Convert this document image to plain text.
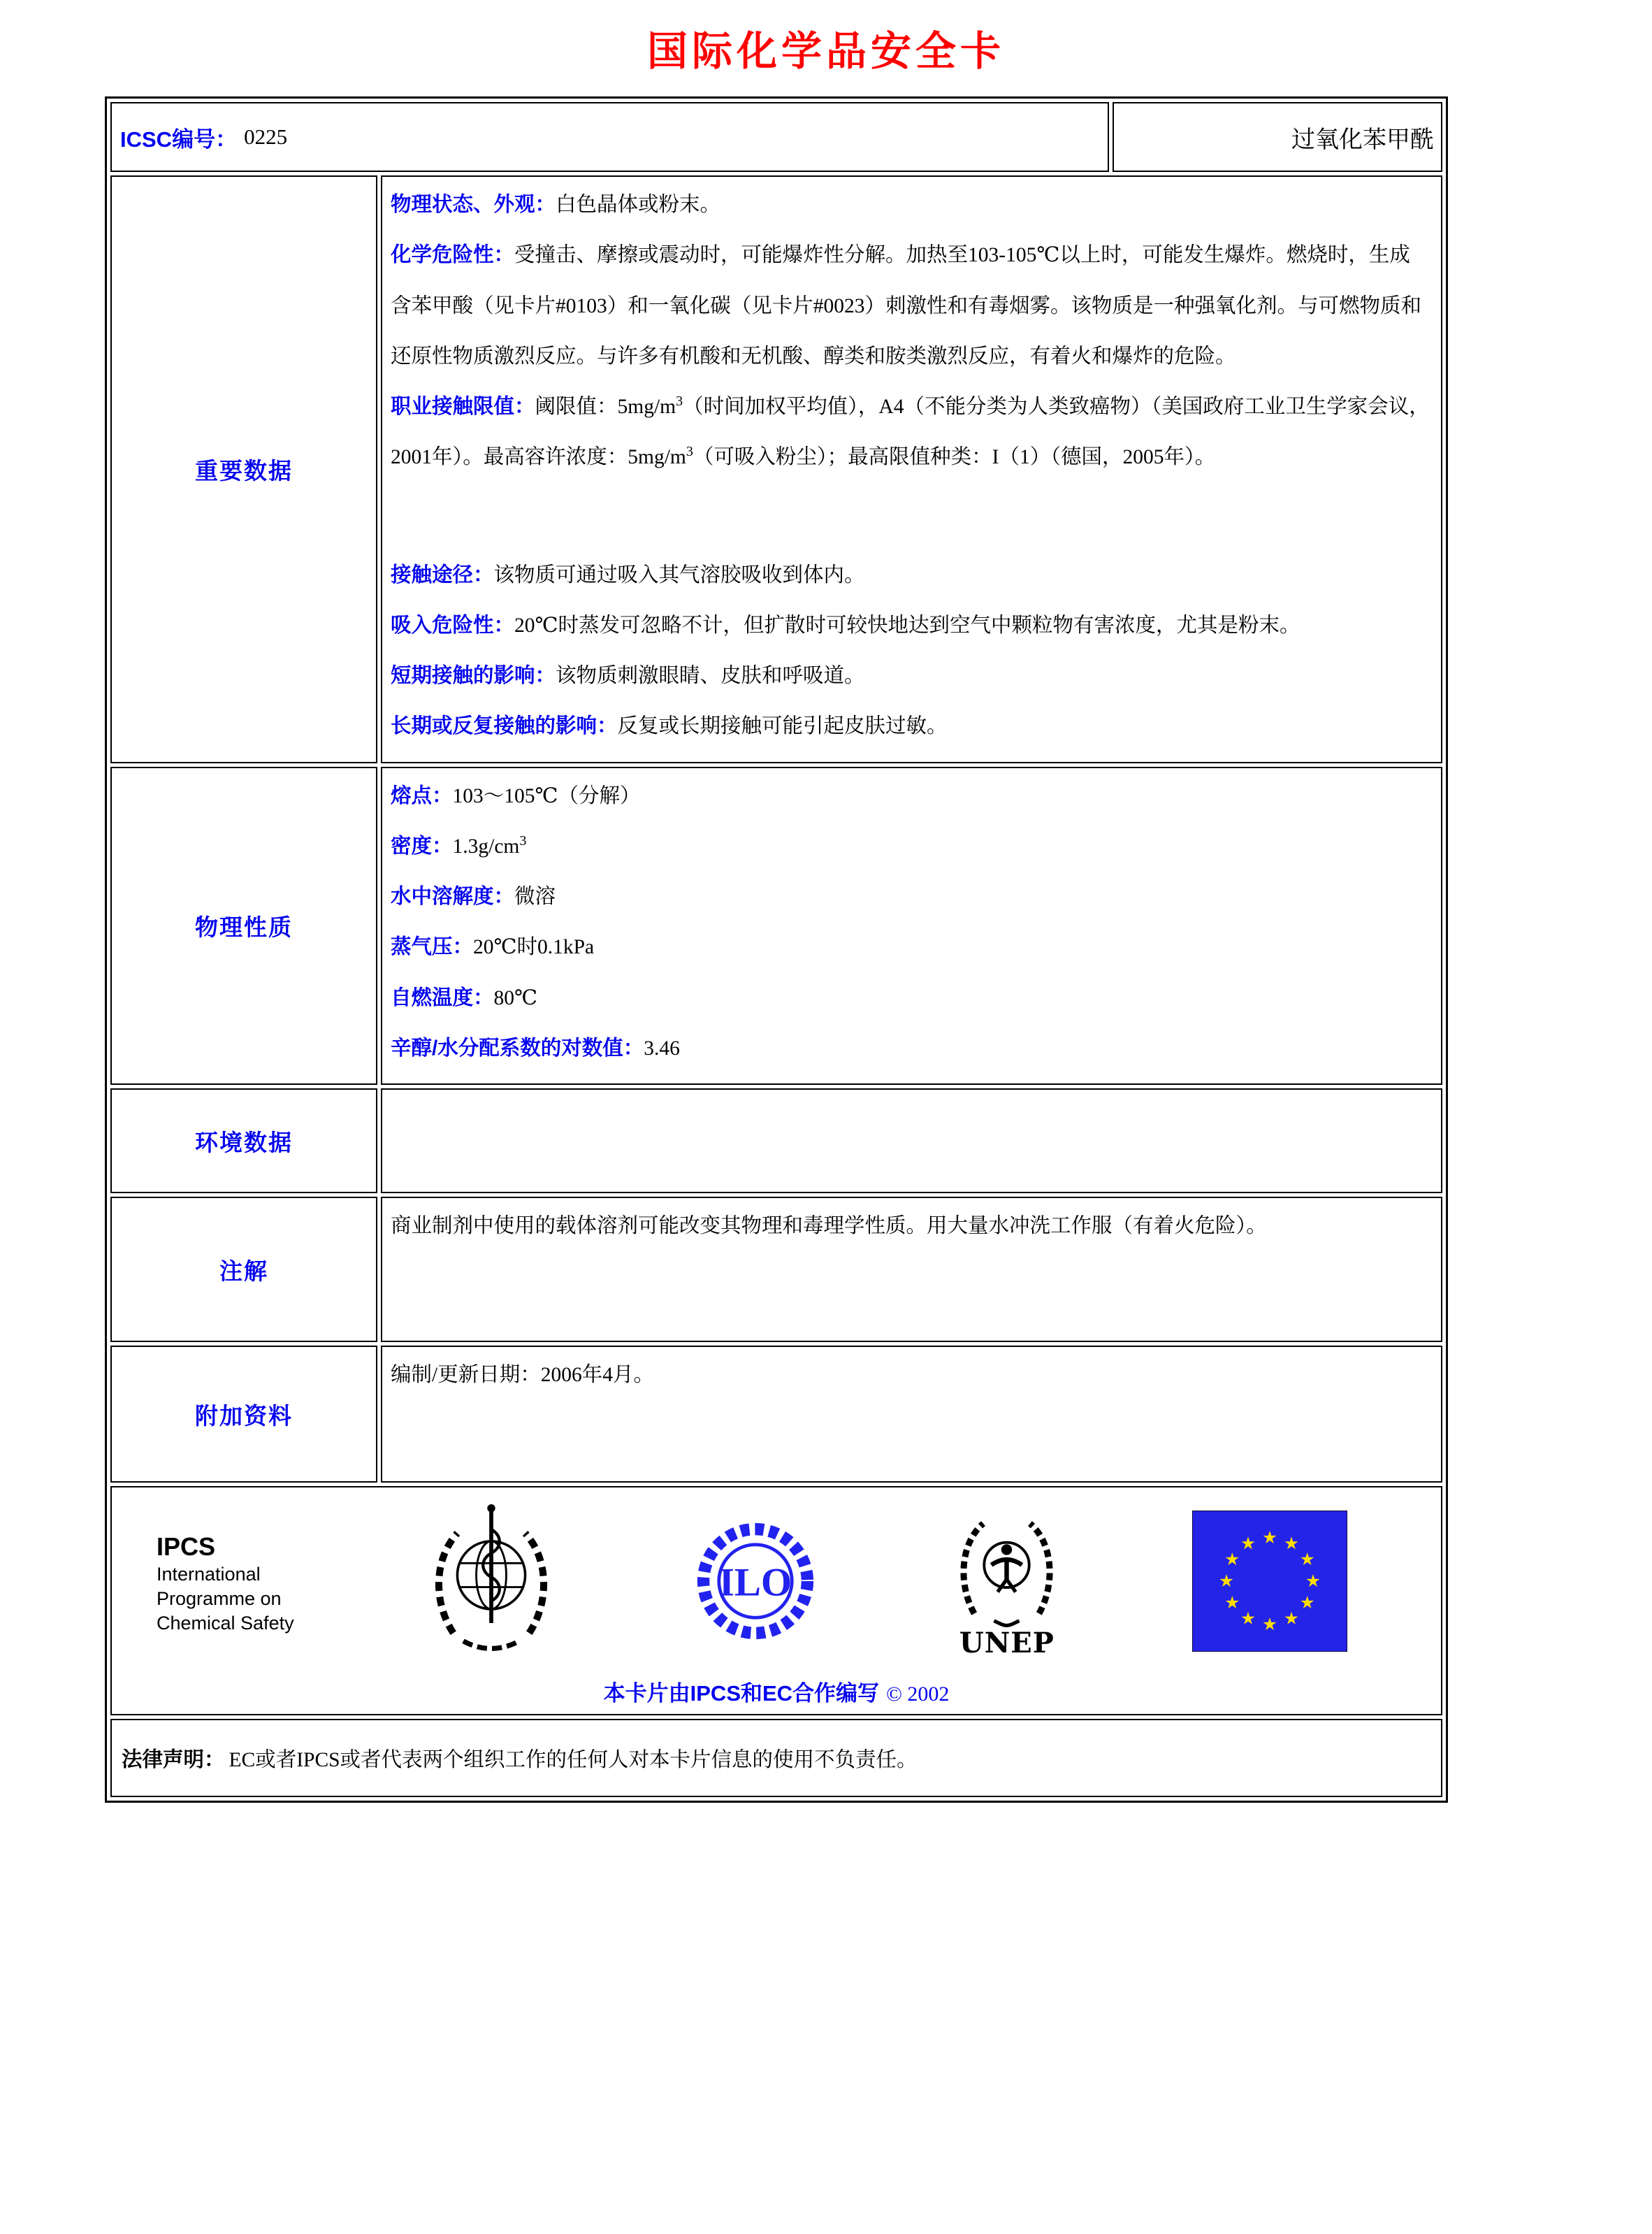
国际化学品安全卡
ICSC编号： 0225	过氧化苯甲酰
重要数据

物理状态、外观：白色晶体或粉末。

化学危险性：受撞击、摩擦或震动时，可能爆炸性分解。加热至103-105℃以上时，可能发生爆炸。燃烧时，生成含苯甲酸（见卡片#0103）和一氧化碳（见卡片#0023）刺激性和有毒烟雾。该物质是一种强氧化剂。与可燃物质和还原性物质激烈反应。与许多有机酸和无机酸、醇类和胺类激烈反应，有着火和爆炸的危险。

职业接触限值：阈限值：$5mg/m^3$（时间加权平均值），A4（不能分类为人类致癌物）（美国政府工业卫生学家会议，2001年）。最高容许浓度：$5mg/m^3$（可吸入粉尘）；最高限值种类：I（1）（德国，2005年）。

接触途径：该物质可通过吸入其气溶胶吸收到体内。

吸入危险性：20℃时蒸发可忽略不计，但扩散时可较快地达到空气中颗粒物有害浓度，尤其是粉末。

短期接触的影响：该物质刺激眼睛、皮肤和呼吸道。

长期或反复接触的影响：反复或长期接触可能引起皮肤过敏。

物理性质

熔点：103～105℃（分解）

密度：$1.3g/cm^3$

水中溶解度：微溶

蒸气压：20℃时0.1kPa

自燃温度：80℃

辛醇/水分配系数的对数值：3.46

环境数据
注解

商业制剂中使用的载体溶剂可能改变其物理和毒理学性质。用大量水冲洗工作服（有着火危险）。

附加资料

编制/更新日期：2006年4月。

IPCS
International
Programme on
Chemical Safety
ILO
UNEP
本卡片由IPCS和EC合作编写 © 2002
法律声明： EC或者IPCS或者代表两个组织工作的任何人对本卡片信息的使用不负责任。
